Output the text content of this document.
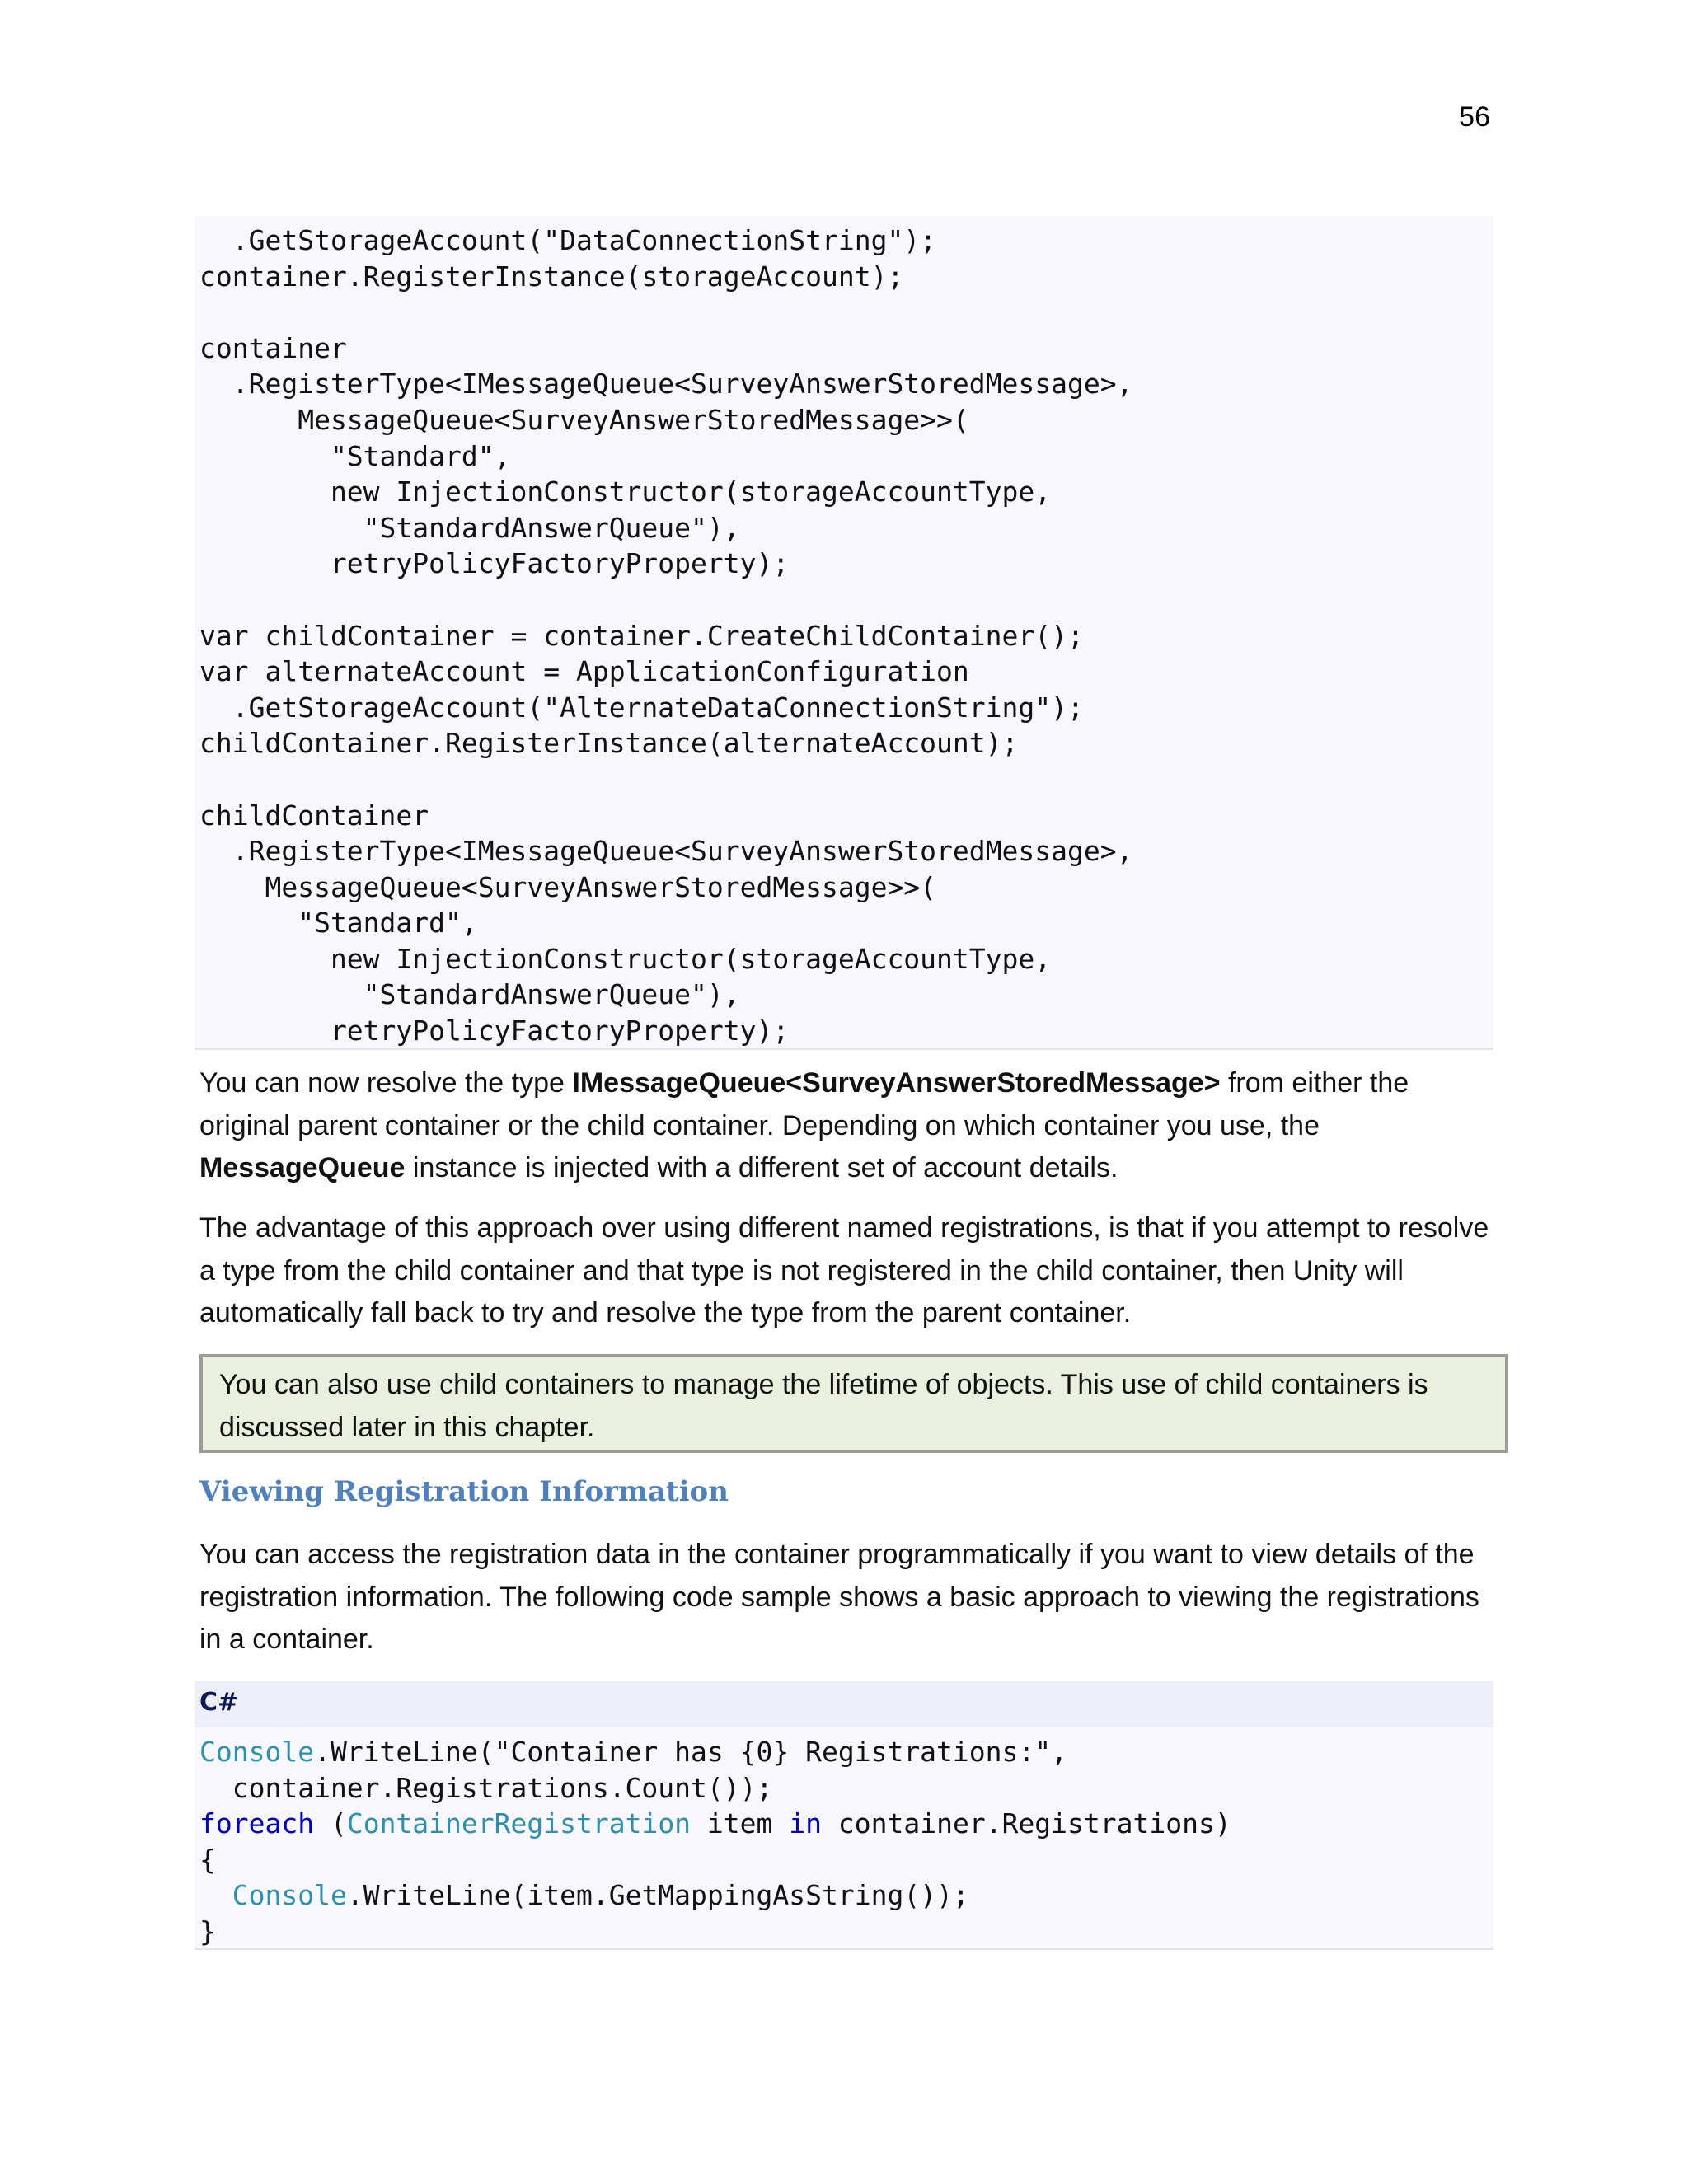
56
.GetStorageAccount("DataConnectionString");
container.RegisterInstance(storageAccount);

container
.RegisterType<IMessageQueue<SurveyAnswerStoredMessage>,
MessageQueue<SurveyAnswerStoredMessage>>(
"Standard",
new InjectionConstructor(storageAccountType,
"StandardAnswerQueue"),
retryPolicyFactoryProperty);

var childContainer = container.CreateChildContainer();
var alternateAccount = ApplicationConfiguration
.GetStorageAccount("AlternateDataConnectionString");
childContainer.RegisterInstance(alternateAccount);

childContainer
.RegisterType<IMessageQueue<SurveyAnswerStoredMessage>,
MessageQueue<SurveyAnswerStoredMessage>>(
"Standard",
new InjectionConstructor(storageAccountType,
"StandardAnswerQueue"),
retryPolicyFactoryProperty);
You can now resolve the type IMessageQueue<SurveyAnswerStoredMessage> from either the original parent container or the child container. Depending on which container you use, the MessageQueue instance is injected with a different set of account details.
The advantage of this approach over using different named registrations, is that if you attempt to resolve a type from the child container and that type is not registered in the child container, then Unity will automatically fall back to try and resolve the type from the parent container.
You can also use child containers to manage the lifetime of objects. This use of child containers is discussed later in this chapter.
Viewing Registration Information
You can access the registration data in the container programmatically if you want to view details of the registration information. The following code sample shows a basic approach to viewing the registrations in a container.
C#
Console.WriteLine("Container has {0} Registrations:",
container.Registrations.Count());
foreach (ContainerRegistration item in container.Registrations)
{
Console.WriteLine(item.GetMappingAsString());
}
